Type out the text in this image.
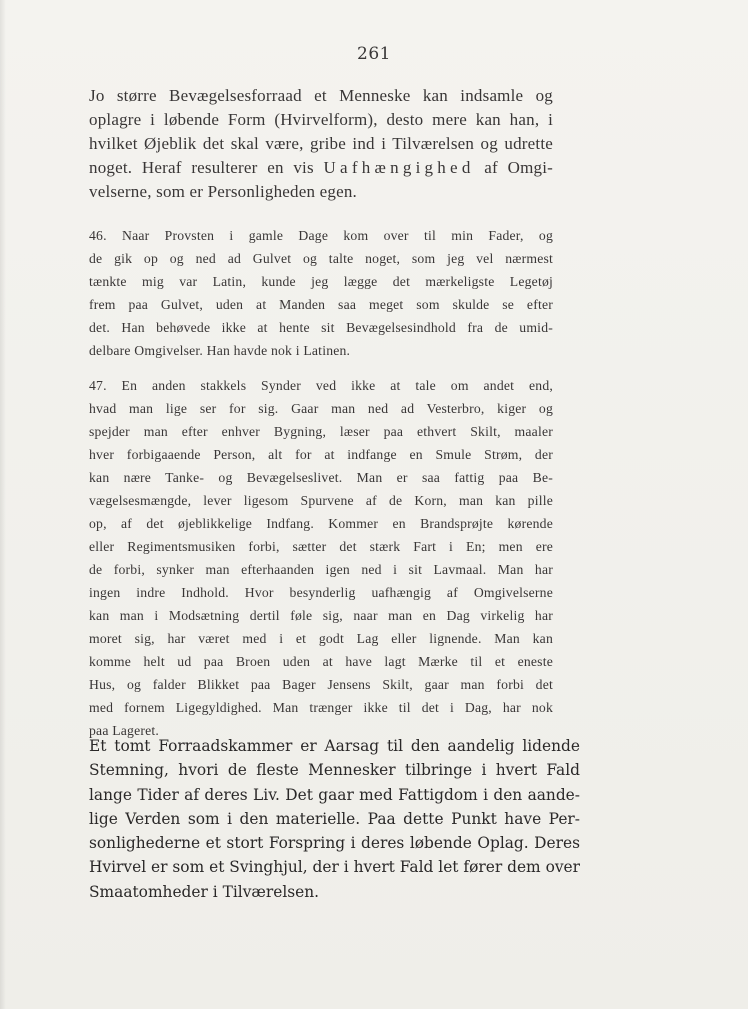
261

Jo større Bevægelsesforraad et Menneske kan indsamle og
oplagre i løbende Form (Hvirvelform), desto mere kan han, i
hvilket Øjeblik det skal være, gribe ind i Tilværelsen og udrette
noget. Heraf resulterer en vis Uafhængighed af Omgi-
velserne, som er Personligheden egen.

46. Naar Provsten i gamle Dage kom over til min Fader, og
de gik op og ned ad Gulvet og talte noget, som jeg vel nærmest
tænkte mig var Latin, kunde jeg lægge det mærkeligste Legetøj
frem paa Gulvet, uden at Manden saa meget som skulde se efter
det. Han behøvede ikke at hente sit Bevægelsesindhold fra de umid-
delbare Omgivelser. Han havde nok i Latinen.

47. En anden stakkels Synder ved ikke at tale om andet end,
hvad man lige ser for sig. Gaar man ned ad Vesterbro, kiger og
spejder man efter enhver Bygning, læser paa ethvert Skilt, maaler
hver forbigaaende Person, alt for at indfange en Smule Strøm, der
kan nære Tanke- og Bevægelseslivet. Man er saa fattig paa Be-
vægelsesmængde, lever ligesom Spurvene af de Korn, man kan pille
op, af det øjeblikkelige Indfang. Kommer en Brandsprøjte kørende
eller Regimentsmusiken forbi, sætter det stærk Fart i En; men ere
de forbi, synker man efterhaanden igen ned i sit Lavmaal. Man har
ingen indre Indhold. Hvor besynderlig uafhængig af Omgivelserne
kan man i Modsætning dertil føle sig, naar man en Dag virkelig har
moret sig, har været med i et godt Lag eller lignende. Man kan
komme helt ud paa Broen uden at have lagt Mærke til et eneste
Hus, og falder Blikket paa Bager Jensens Skilt, gaar man forbi det
med fornem Ligegyldighed. Man trænger ikke til det i Dag, har nok
paa Lageret.

Et tomt Forraadskammer er Aarsag til den aandelig lidende
Stemning, hvori de fleste Mennesker tilbringe i hvert Fald
lange Tider af deres Liv. Det gaar med Fattigdom i den aande-
lige Verden som i den materielle. Paa dette Punkt have Per-
sonlighederne et stort Forspring i deres løbende Oplag. Deres
Hvirvel er som et Svinghjul, der i hvert Fald let fører dem over
Smaatomheder i Tilværelsen.
